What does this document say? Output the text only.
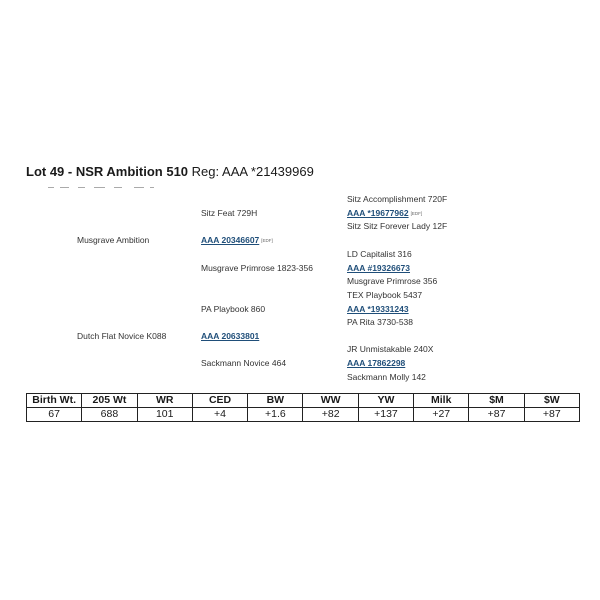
Lot 49 - NSR Ambition 510 Reg: AAA *21439969
Musgrave Ambition
Dutch Flat Novice K088
Sitz Feat 729H
AAA 20346607 [EDF]
Musgrave Primrose 1823-356
PA Playbook 860
AAA 20633801
Sackmann Novice 464
Sitz Accomplishment 720F
AAA *19677962 [EDF]
Sitz Sitz Forever Lady 12F
LD Capitalist 316
AAA #19326673
Musgrave Primrose 356
TEX Playbook 5437
AAA *19331243
PA Rita 3730-538
JR Unmistakable 240X
AAA 17862298
Sackmann Molly 142
Birth Wt.	205 Wt	WR	CED	BW	WW	YW	Milk	$M	$W
67	688	101	+4	+1.6	+82	+137	+27	+87	+87
